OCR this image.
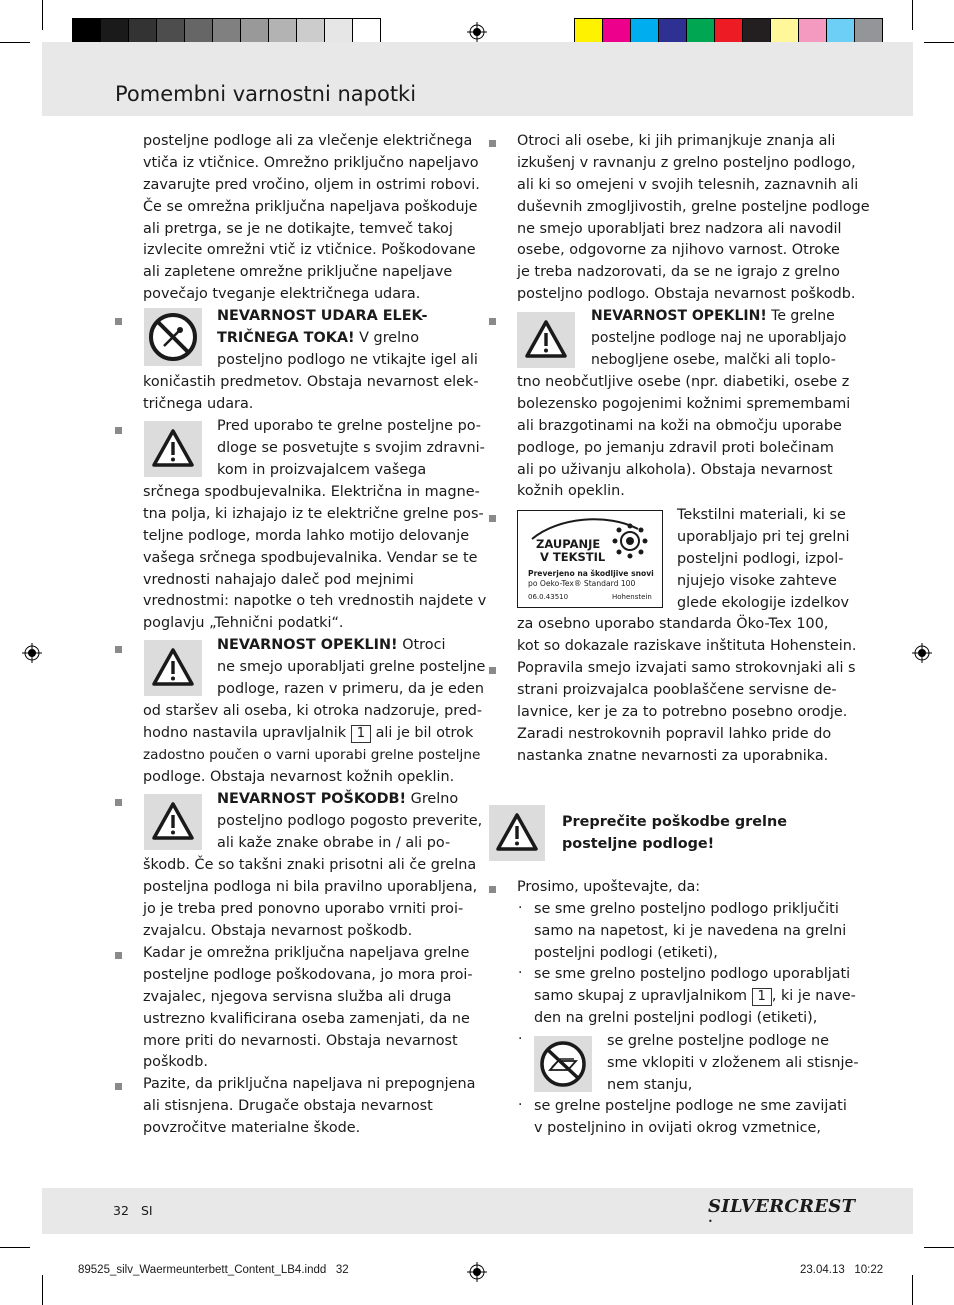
Pomembni varnostni napotki
posteljne podloge ali za vlečenje električnega
vtiča iz vtičnice. Omrežno priključno napeljavo
zavarujte pred vročino, oljem in ostrimi robovi.
Če se omrežna priključna napeljava poškoduje
ali pretrga, se je ne dotikajte, temveč takoj
izvlecite omrežni vtič iz vtičnice. Poškodovane
ali zapletene omrežne priključne napeljave
povečajo tveganje električnega udara.
NEVARNOST UDARA ELEK-
TRIČNEGA TOKA! V grelno
posteljno podlogo ne vtikajte igel ali
koničastih predmetov. Obstaja nevarnost elek-
tričnega udara.
Pred uporabo te grelne posteljne po-
dloge se posvetujte s svojim zdravni-
kom in proizvajalcem vašega
srčnega spodbujevalnika. Električna in magne-
tna polja, ki izhajajo iz te električne grelne pos-
teljne podloge, morda lahko motijo delovanje
vašega srčnega spodbujevalnika. Vendar se te
vrednosti nahajajo daleč pod mejnimi
vrednostmi: napotke o teh vrednostih najdete v
poglavju „Tehnični podatki“.
NEVARNOST OPEKLIN! Otroci
ne smejo uporabljati grelne posteljne
podloge, razen v primeru, da je eden
od staršev ali oseba, ki otroka nadzoruje, pred-
hodno nastavila upravljalnik 1 ali je bil otrok
zadostno poučen o varni uporabi grelne posteljne
podloge. Obstaja nevarnost kožnih opeklin.
NEVARNOST POŠKODB! Grelno
posteljno podlogo pogosto preverite,
ali kaže znake obrabe in / ali po-
škodb. Če so takšni znaki prisotni ali če grelna
posteljna podloga ni bila pravilno uporabljena,
jo je treba pred ponovno uporabo vrniti proi-
zvajalcu. Obstaja nevarnost poškodb.
Kadar je omrežna priključna napeljava grelne
posteljne podloge poškodovana, jo mora proi-
zvajalec, njegova servisna služba ali druga
ustrezno kvalificirana oseba zamenjati, da ne
more priti do nevarnosti. Obstaja nevarnost
poškodb.
Pazite, da priključna napeljava ni prepognjena
ali stisnjena. Drugače obstaja nevarnost
povzročitve materialne škode.
Otroci ali osebe, ki jih primanjkuje znanja ali
izkušenj v ravnanju z grelno posteljno podlogo,
ali ki so omejeni v svojih telesnih, zaznavnih ali
duševnih zmogljivostih, grelne posteljne podloge
ne smejo uporabljati brez nadzora ali navodil
osebe, odgovorne za njihovo varnost. Otroke
je treba nadzorovati, da se ne igrajo z grelno
posteljno podlogo. Obstaja nevarnost poškodb.
NEVARNOST OPEKLIN! Te grelne
posteljne podloge naj ne uporabljajo
nebogljene osebe, malčki ali toplo-
tno neobčutljive osebe (npr. diabetiki, osebe z
bolezensko pogojenimi kožnimi spremembami
ali brazgotinami na koži na območju uporabe
podloge, po jemanju zdravil proti bolečinam
ali po uživanju alkohola). Obstaja nevarnost
kožnih opeklin.
ZAUPANJE
V TEKSTIL
Preverjeno na škodljive snovi
po Oeko-Tex® Standard 100
06.0.43510	Hohenstein
Tekstilni materiali, ki se
uporabljajo pri tej grelni
posteljni podlogi, izpol-
njujejo visoke zahteve
glede ekologije izdelkov
za osebno uporabo standarda Öko-Tex 100,
kot so dokazale raziskave inštituta Hohenstein.
Popravila smejo izvajati samo strokovnjaki ali s
strani proizvajalca pooblaščene servisne de-
lavnice, ker je za to potrebno posebno orodje.
Zaradi nestrokovnih popravil lahko pride do
nastanka znatne nevarnosti za uporabnika.
Preprečite poškodbe grelne
posteljne podloge!
Prosimo, upoštevajte, da:
· se sme grelno posteljno podlogo priključiti
samo na napetost, ki je navedena na grelni
posteljni podlogi (etiketi),
· se sme grelno posteljno podlogo uporabljati
samo skupaj z upravljalnikom 1 , ki je nave-
den na grelni posteljni podlogi (etiketi),
·	se grelne posteljne podloge ne
sme vklopiti v zloženem ali stisnje-
nem stanju,
· se grelne posteljne podloge ne sme zavijati
v posteljnino in ovijati okrog vzmetnice,
32 SI	SILVERCREST •
89525_silv_Waermeunterbett_Content_LB4.indd   32	23.04.13   10:22
